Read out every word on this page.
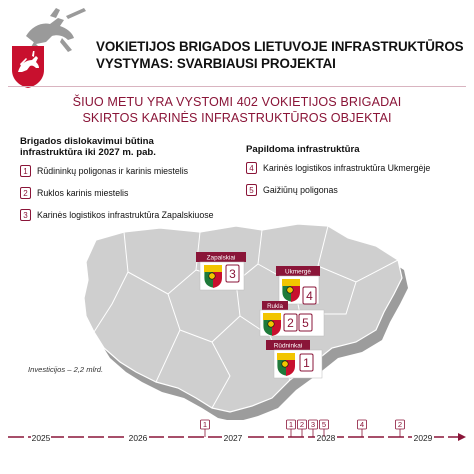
VOKIETIJOS BRIGADOS LIETUVOJE INFRASTRUKTŪROS
VYSTYMAS: SVARBIAUSI PROJEKTAI
ŠIUO METU YRA VYSTOMI 402 VOKIETIJOS BRIGADAI
SKIRTOS KARINĖS INFRASTRUKTŪROS OBJEKTAI
Brigados dislokavimui būtina
infrastruktūra iki 2027 m. pab.
1	Rūdininkų poligonas ir karinis miestelis
2	Ruklos karinis miestelis
3	Karinės logistikos infrastruktūra Zapalskiuose
Papildoma infrastruktūra
4	Karinės logistikos infrastruktūra Ukmergėje
5	Gaižiūnų poligonas
Zapalskiai
3	Ukmergė
4
Rukla
2 5
Rūdninkai
1
Investicijos – 2,2 mlrd.
2025	2026	2027	2028	2029
1	1 2 3 5	4	2
